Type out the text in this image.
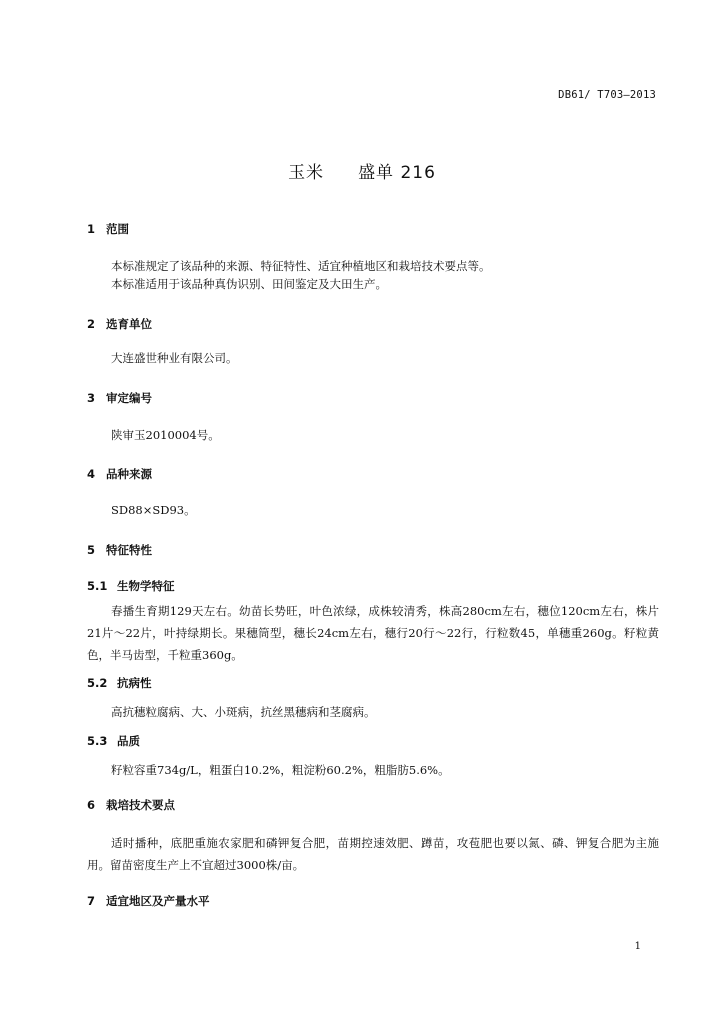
DB61/ T703—2013
玉米 盛单 216
1 范围
本标准规定了该品种的来源、特征特性、适宜种植地区和栽培技术要点等。
本标准适用于该品种真伪识别、田间鉴定及大田生产。
2 选育单位
大连盛世种业有限公司。
3 审定编号
陕审玉2010004号。
4 品种来源
SD88×SD93。
5 特征特性
5.1 生物学特征
春播生育期129天左右。幼苗长势旺，叶色浓绿，成株较清秀，株高280cm左右，穗位120cm左右，株片21片～22片，叶持绿期长。果穗筒型，穗长24cm左右，穗行20行～22行，行粒数45，单穗重260g。籽粒黄色，半马齿型，千粒重360g。
5.2 抗病性
高抗穗粒腐病、大、小斑病，抗丝黑穗病和茎腐病。
5.3 品质
籽粒容重734g/L，粗蛋白10.2%，粗淀粉60.2%，粗脂肪5.6%。
6 栽培技术要点
适时播种，底肥重施农家肥和磷钾复合肥，苗期控速效肥、蹲苗，攻苞肥也要以氮、磷、钾复合肥为主施用。留苗密度生产上不宜超过3000株/亩。
7 适宜地区及产量水平
1
